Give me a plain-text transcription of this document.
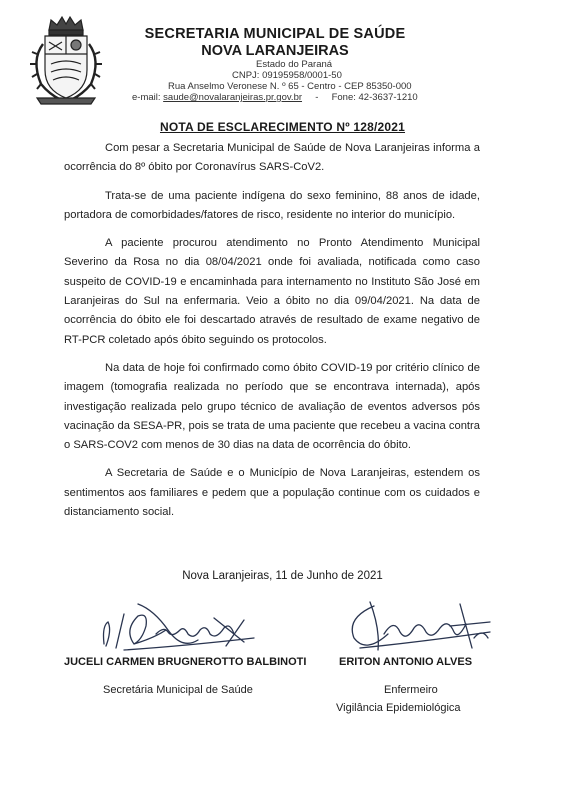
SECRETARIA MUNICIPAL DE SAÚDE

NOVA LARANJEIRAS

Estado do Paraná

CNPJ: 09195958/0001-50

Rua Anselmo Veronese N. º 65 - Centro - CEP 85350-000

e-mail: saude@novalaranjeiras.pr.gov.br - Fone: 42-3637-1210
NOTA DE ESCLARECIMENTO Nº 128/2021

Com pesar a Secretaria Municipal de Saúde de Nova Laranjeiras informa a ocorrência do 8º óbito por Coronavírus SARS-CoV2.

Trata-se de uma paciente indígena do sexo feminino, 88 anos de idade, portadora de comorbidades/fatores de risco, residente no interior do município.

A paciente procurou atendimento no Pronto Atendimento Municipal Severino da Rosa no dia 08/04/2021 onde foi avaliada, notificada como caso suspeito de COVID-19 e encaminhada para internamento no Instituto São José em Laranjeiras do Sul na enfermaria. Veio a óbito no dia 09/04/2021. Na data de ocorrência do óbito ele foi descartado através de resultado de exame negativo de RT-PCR coletado após óbito seguindo os protocolos.

Na data de hoje foi confirmado como óbito COVID-19 por critério clínico de imagem (tomografia realizada no período que se encontrava internada), após investigação realizada pelo grupo técnico de avaliação de eventos adversos pós vacinação da SESA-PR, pois se trata de uma paciente que recebeu a vacina contra o SARS-COV2 com menos de 30 dias na data de ocorrência do óbito.

A Secretaria de Saúde e o Município de Nova Laranjeiras, estendem os sentimentos aos familiares e pedem que a população continue com os cuidados e distanciamento social.

Nova Laranjeiras, 11 de Junho de 2021
JUCELI CARMEN BRUGNEROTTO BALBINOTI	ERITON ANTONIO ALVES
Secretária Municipal de Saúde	Enfermeiro
Vigilância Epidemiológica
